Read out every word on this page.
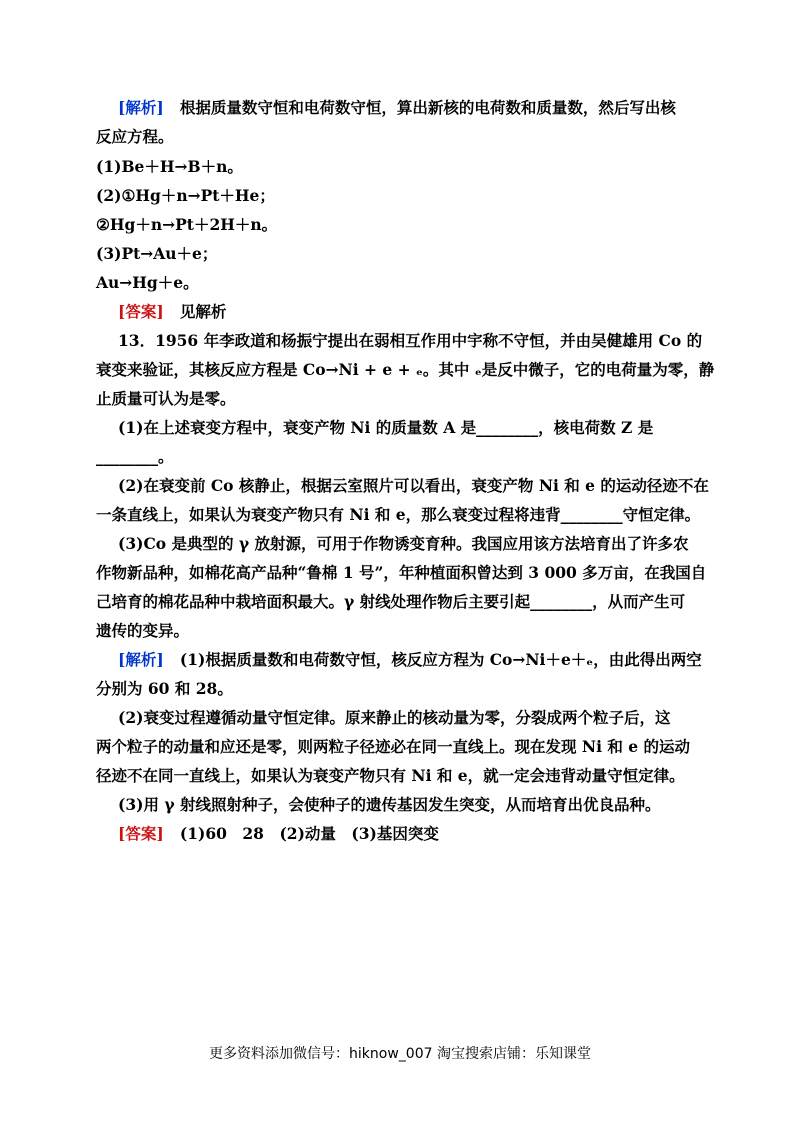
[解析] 根据质量数守恒和电荷数守恒，算出新核的电荷数和质量数，然后写出核
反应方程。
(1)Be＋H→B＋n。
(2)①Hg＋n→Pt＋He；
②Hg＋n→Pt＋2H＋n。
(3)Pt→Au＋e；
Au→Hg＋e。
[答案] 见解析
13．1956 年李政道和杨振宁提出在弱相互作用中宇称不守恒，并由吴健雄用 Co 的
衰变来验证，其核反应方程是 Co→Ni + e + ₑ。其中 ₑ是反中微子，它的电荷量为零，静
止质量可认为是零。
(1)在上述衰变方程中，衰变产物 Ni 的质量数 A 是________，核电荷数 Z 是
________。
(2)在衰变前 Co 核静止，根据云室照片可以看出，衰变产物 Ni 和 e 的运动径迹不在
一条直线上，如果认为衰变产物只有 Ni 和 e，那么衰变过程将违背________守恒定律。
(3)Co 是典型的 γ 放射源，可用于作物诱变育种。我国应用该方法培育出了许多农
作物新品种，如棉花高产品种“鲁棉 1 号”，年种植面积曾达到 3 000 多万亩，在我国自
己培育的棉花品种中栽培面积最大。γ 射线处理作物后主要引起________，从而产生可
遗传的变异。
[解析] (1)根据质量数和电荷数守恒，核反应方程为 Co→Ni＋e＋ₑ，由此得出两空
分别为 60 和 28。
(2)衰变过程遵循动量守恒定律。原来静止的核动量为零，分裂成两个粒子后，这
两个粒子的动量和应还是零，则两粒子径迹必在同一直线上。现在发现 Ni 和 e 的运动
径迹不在同一直线上，如果认为衰变产物只有 Ni 和 e，就一定会违背动量守恒定律。
(3)用 γ 射线照射种子，会使种子的遗传基因发生突变，从而培育出优良品种。
[答案] (1)60　28　(2)动量　(3)基因突变
更多资料添加微信号：hiknow_007 淘宝搜索店铺：乐知课堂
